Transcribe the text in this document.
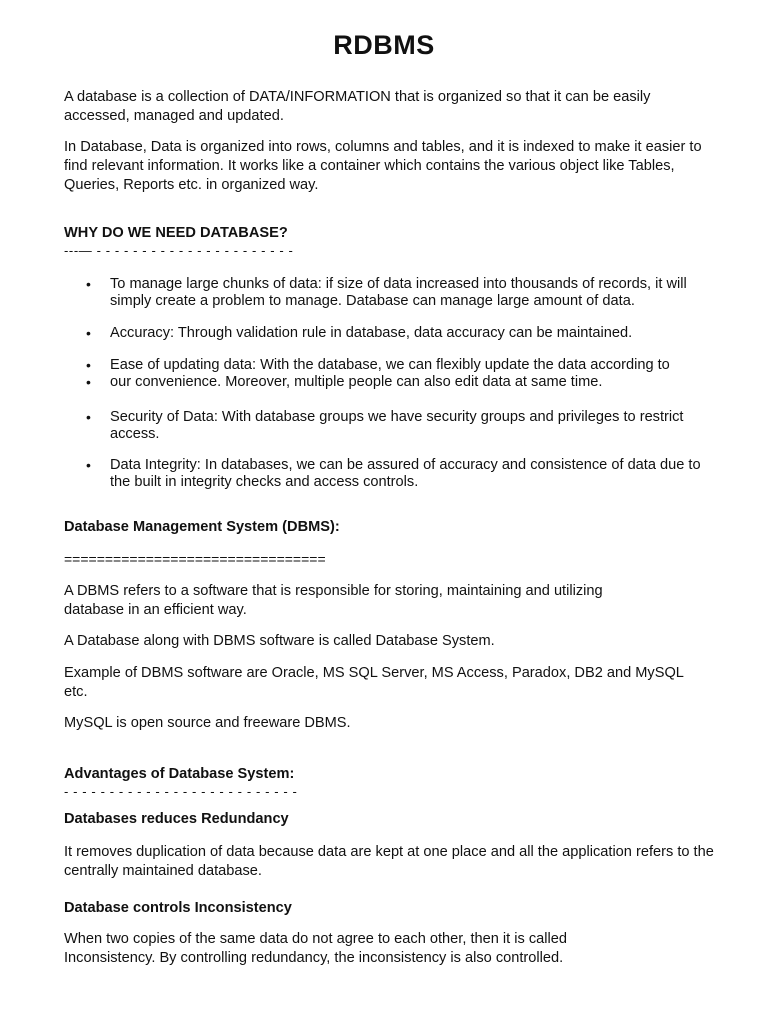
RDBMS

A database is a collection of DATA/INFORMATION that is organized so that it can be easily accessed, managed and updated.

In Database, Data is organized into rows, columns and tables, and it is indexed to make it easier to find relevant information. It works like a container which contains the various object like Tables, Queries, Reports etc. in organized way.

WHY DO WE NEED DATABASE?

---— - - - - - - - - - - - - - - - - - - - - - -

• To manage large chunks of data: if size of data increased into thousands of records, it will simply create a problem to manage. Database can manage large amount of data.

• Accuracy: Through validation rule in database, data accuracy can be maintained.

• Ease of updating data: With the database, we can flexibly update the data according to

• our convenience. Moreover, multiple people can also edit data at same time.

• Security of Data: With database groups we have security groups and privileges to restrict access.

• Data Integrity: In databases, we can be assured of accuracy and consistence of data due to the built in integrity checks and access controls.

Database Management System (DBMS):

================================

A DBMS refers to a software that is responsible for storing, maintaining and utilizing database in an efficient way.

A Database along with DBMS software is called Database System.

Example of DBMS software are Oracle, MS SQL Server, MS Access, Paradox, DB2 and MySQL etc.

MySQL is open source and freeware DBMS.

Advantages of Database System:

- - - - - - - - - - - - - - - - - - - - - - - - - -

Databases reduces Redundancy

It removes duplication of data because data are kept at one place and all the application refers to the centrally maintained database.

Database controls Inconsistency

When two copies of the same data do not agree to each other, then it is called Inconsistency. By controlling redundancy, the inconsistency is also controlled.
